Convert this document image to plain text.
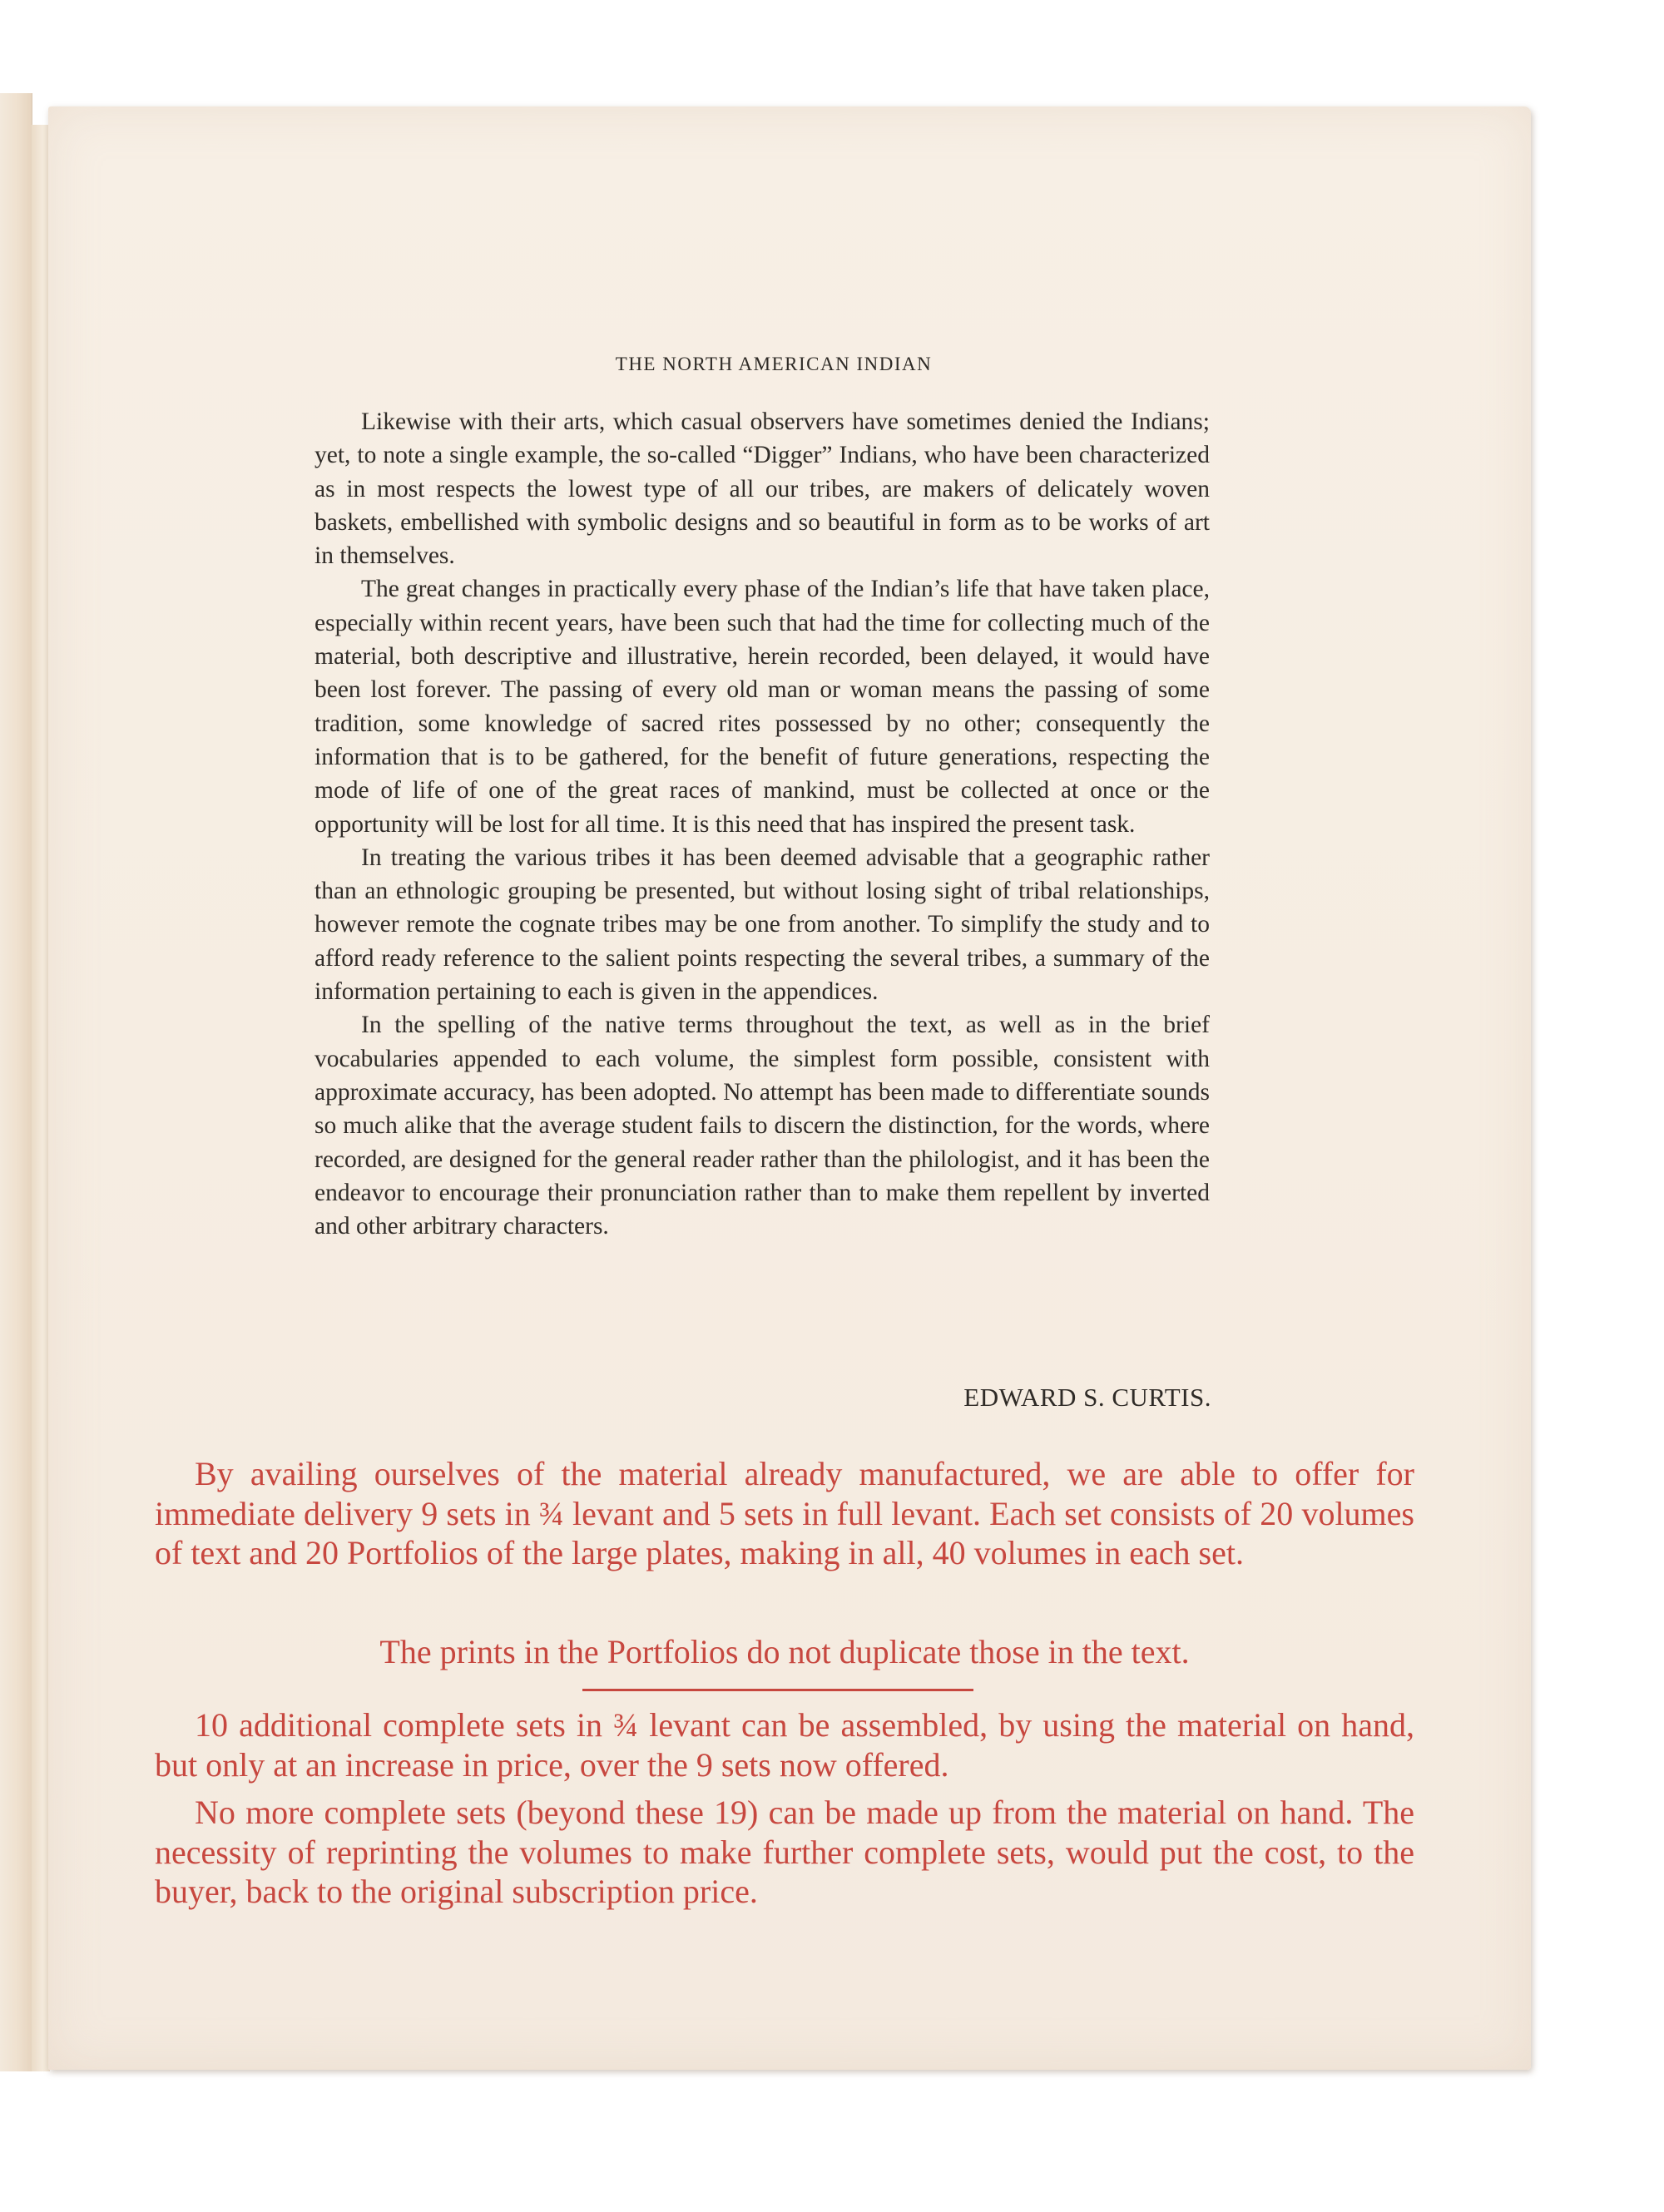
THE NORTH AMERICAN INDIAN

Likewise with their arts, which casual observers have sometimes denied the Indians; yet, to note a single example, the so-called “Digger” Indians, who have been characterized as in most respects the lowest type of all our tribes, are makers of delicately woven baskets, embellished with symbolic designs and so beautiful in form as to be works of art in themselves.

The great changes in practically every phase of the Indian’s life that have taken place, especially within recent years, have been such that had the time for collecting much of the material, both descriptive and illustrative, herein recorded, been delayed, it would have been lost forever. The passing of every old man or woman means the passing of some tradition, some knowledge of sacred rites possessed by no other; consequently the information that is to be gathered, for the benefit of future generations, respecting the mode of life of one of the great races of mankind, must be collected at once or the opportunity will be lost for all time. It is this need that has inspired the present task.

In treating the various tribes it has been deemed advisable that a geographic rather than an ethnologic grouping be presented, but without losing sight of tribal relationships, however remote the cognate tribes may be one from another. To simplify the study and to afford ready reference to the salient points respecting the several tribes, a summary of the information pertaining to each is given in the appendices.

In the spelling of the native terms throughout the text, as well as in the brief vocabularies appended to each volume, the simplest form possible, consistent with approximate accuracy, has been adopted. No attempt has been made to differentiate sounds so much alike that the average student fails to discern the distinction, for the words, where recorded, are designed for the general reader rather than the philologist, and it has been the endeavor to encourage their pronunciation rather than to make them repellent by inverted and other arbitrary characters.

EDWARD S. CURTIS.

By availing ourselves of the material already manufactured, we are able to offer for immediate delivery 9 sets in ¾ levant and 5 sets in full levant. Each set consists of 20 volumes of text and 20 Portfolios of the large plates, making in all, 40 volumes in each set.

The prints in the Portfolios do not duplicate those in the text.

10 additional complete sets in ¾ levant can be assembled, by using the material on hand, but only at an increase in price, over the 9 sets now offered.

No more complete sets (beyond these 19) can be made up from the material on hand. The necessity of reprinting the volumes to make further complete sets, would put the cost, to the buyer, back to the original subscription price.
